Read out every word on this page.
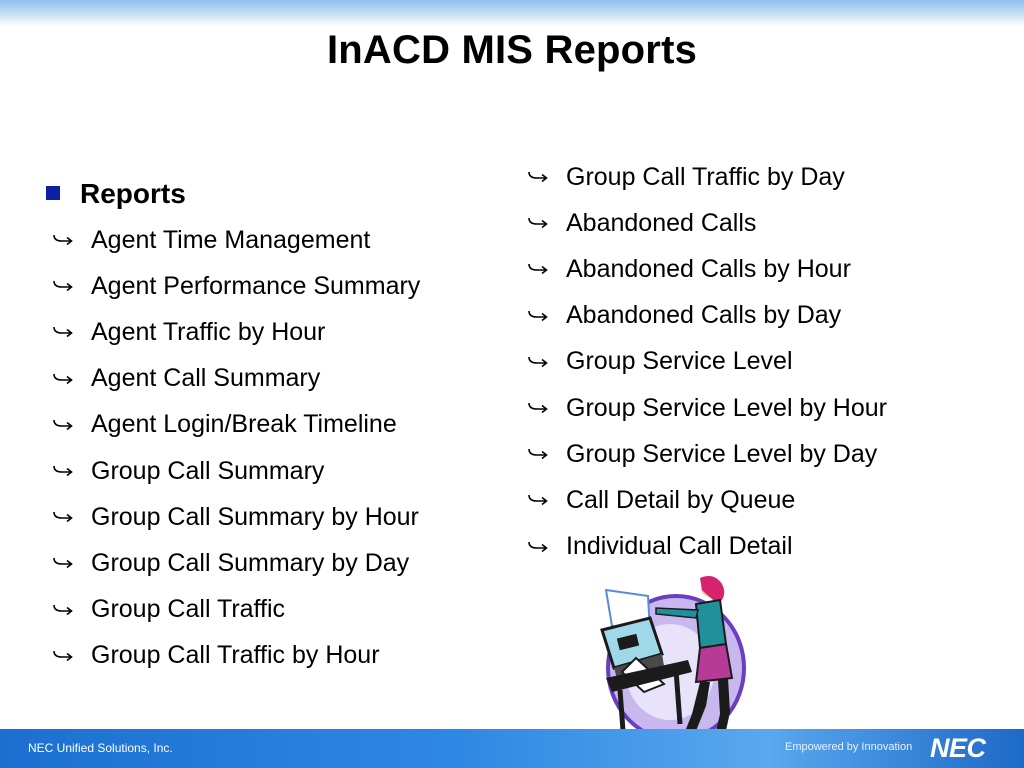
InACD MIS Reports
Reports
Agent Time Management
Agent Performance Summary
Agent Traffic by Hour
Agent Call Summary
Agent Login/Break Timeline
Group Call Summary
Group Call Summary by Hour
Group Call Summary by Day
Group Call Traffic
Group Call Traffic by Hour
Group Call Traffic by Day
Abandoned Calls
Abandoned Calls by Hour
Abandoned Calls by Day
Group Service Level
Group Service Level by Hour
Group Service Level by Day
Call Detail by Queue
Individual Call Detail
NEC Unified Solutions, Inc.	Empowered by Innovation NEC
